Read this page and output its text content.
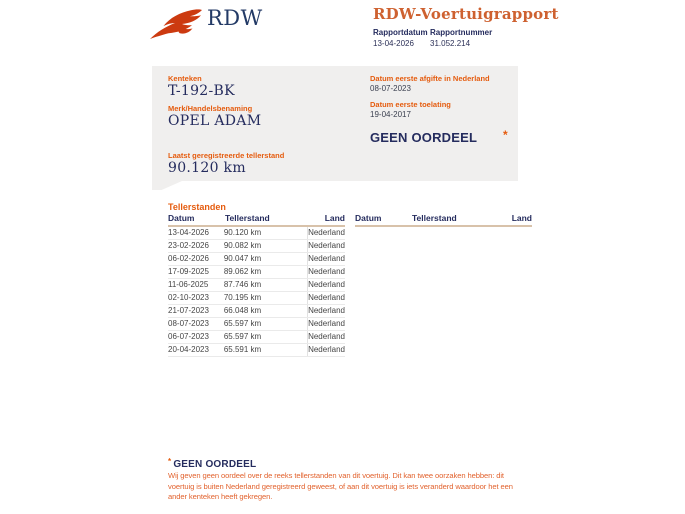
RDW	RDW-Voertuigrapport
Rapportdatum
13-04-2026
Rapportnummer
31.052.214
Kenteken
T-192-BK
Merk/Handelsbenaming
OPEL ADAM
Laatst geregistreerde tellerstand
90.120 km
Datum eerste afgifte in Nederland
08-07-2023
Datum eerste toelating
19-04-2017
GEEN OORDEEL *
Tellerstanden
Datum	Tellerstand	Land
13-04-2026	90.120 km	Nederland
23-02-2026	90.082 km	Nederland
06-02-2026	90.047 km	Nederland
17-09-2025	89.062 km	Nederland
11-06-2025	87.746 km	Nederland
02-10-2023	70.195 km	Nederland
21-07-2023	66.048 km	Nederland
08-07-2023	65.597 km	Nederland
06-07-2023	65.597 km	Nederland
20-04-2023	65.591 km	Nederland
Datum	Tellerstand	Land
* GEEN OORDEEL
Wij geven geen oordeel over de reeks tellerstanden van dit voertuig. Dit kan twee oorzaken hebben: dit voertuig is buiten Nederland geregistreerd geweest, of aan dit voertuig is iets veranderd waardoor het een ander kenteken heeft gekregen.
